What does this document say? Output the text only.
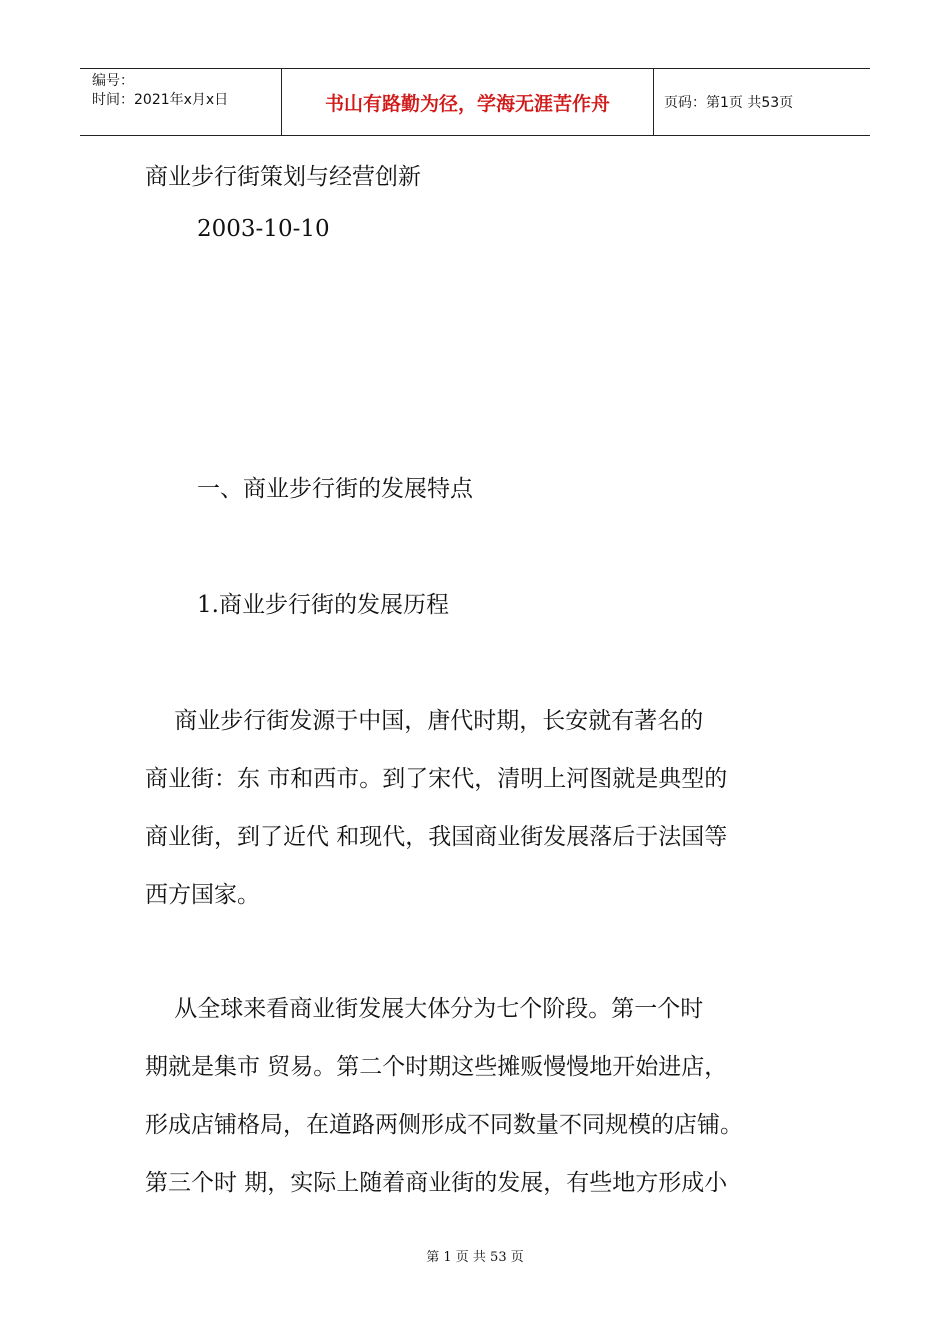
编号：
时间：2021年x月x日	书山有路勤为径，学海无涯苦作舟	页码：第1页 共53页
商业步行街策划与经营创新
2003-10-10
一、商业步行街的发展特点
1.商业步行街的发展历程
商业步行街发源于中国，唐代时期，长安就有著名的
商业街：东 市和西市。到了宋代，清明上河图就是典型的
商业街，到了近代 和现代，我国商业街发展落后于法国等
西方国家。
从全球来看商业街发展大体分为七个阶段。第一个时
期就是集市 贸易。第二个时期这些摊贩慢慢地开始进店，
形成店铺格局，在道路两侧形成不同数量不同规模的店铺。
第三个时 期，实际上随着商业街的发展，有些地方形成小
第 1 页 共 53 页
